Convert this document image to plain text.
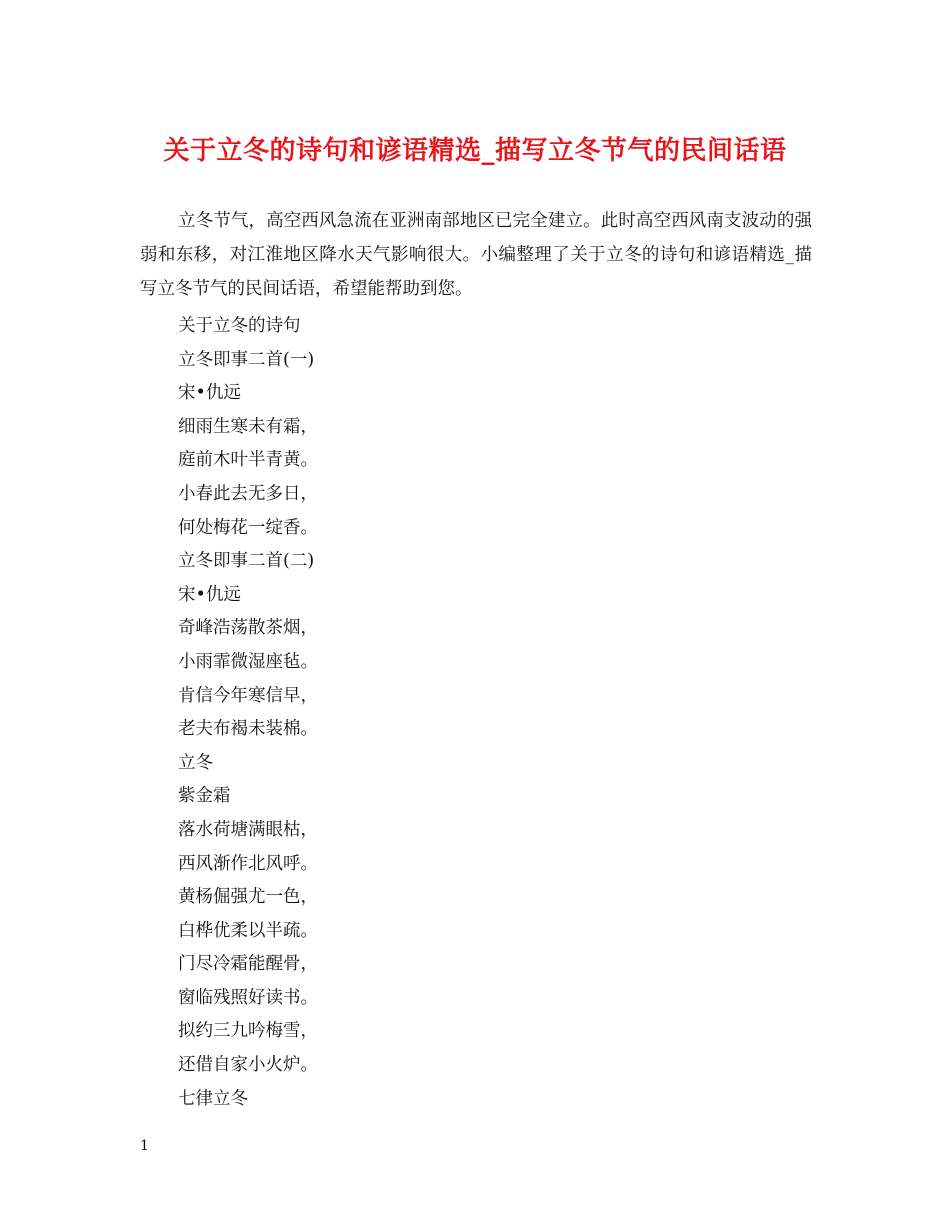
关于立冬的诗句和谚语精选_描写立冬节气的民间话语

立冬节气，高空西风急流在亚洲南部地区已完全建立。此时高空西风南支波动的强弱和东移，对江淮地区降水天气影响很大。小编整理了关于立冬的诗句和谚语精选_描写立冬节气的民间话语，希望能帮助到您。

关于立冬的诗句
立冬即事二首(一)
宋•仇远
细雨生寒未有霜，
庭前木叶半青黄。
小春此去无多日，
何处梅花一绽香。
立冬即事二首(二)
宋•仇远
奇峰浩荡散茶烟，
小雨霏微湿座毡。
肯信今年寒信早，
老夫布褐未装棉。
立冬
紫金霜
落水荷塘满眼枯，
西风渐作北风呼。
黄杨倔强尤一色，
白桦优柔以半疏。
门尽冷霜能醒骨，
窗临残照好读书。
拟约三九吟梅雪，
还借自家小火炉。
七律立冬
1
